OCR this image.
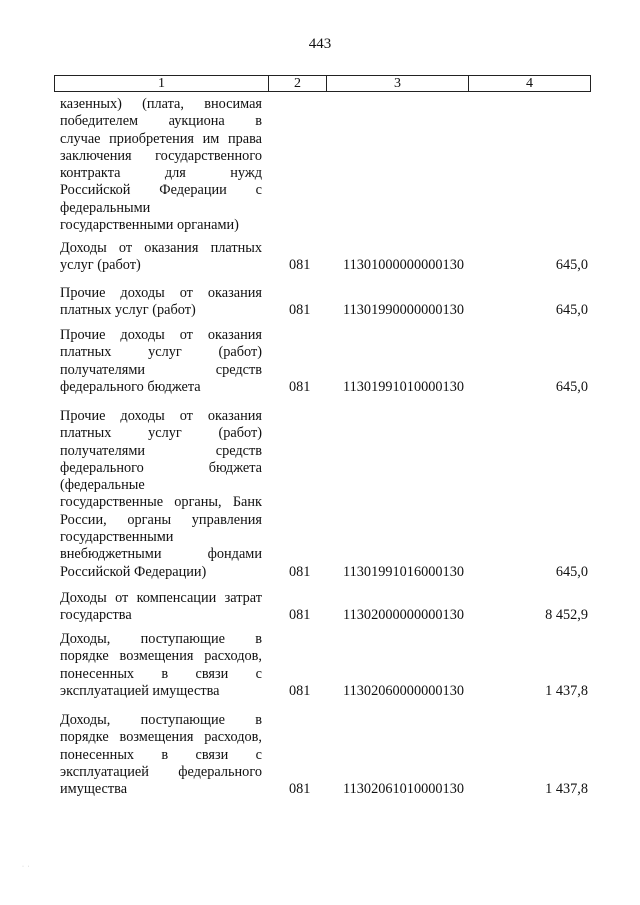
443
1	2	3	4
казенных) (плата, вносимая
победителем аукциона в
случае приобретения им права
заключения государственного
контракта для нужд
Российской Федерации с
федеральными
государственными органами)
Доходы от оказания платных
услуг (работ)	081	11301000000000130	645,0
Прочие доходы от оказания
платных услуг (работ)	081	11301990000000130	645,0
Прочие доходы от оказания
платных услуг (работ)
получателями средств
федерального бюджета	081	11301991010000130	645,0
Прочие доходы от оказания
платных услуг (работ)
получателями средств
федерального бюджета
(федеральные
государственные органы, Банк
России, органы управления
государственными
внебюджетными фондами
Российской Федерации)	081	11301991016000130	645,0
Доходы от компенсации затрат
государства	081	11302000000000130	8 452,9
Доходы, поступающие в
порядке возмещения расходов,
понесенных в связи с
эксплуатацией имущества	081	11302060000000130	1 437,8
Доходы, поступающие в
порядке возмещения расходов,
понесенных в связи с
эксплуатацией федерального
имущества	081	11302061010000130	1 437,8
· ·
